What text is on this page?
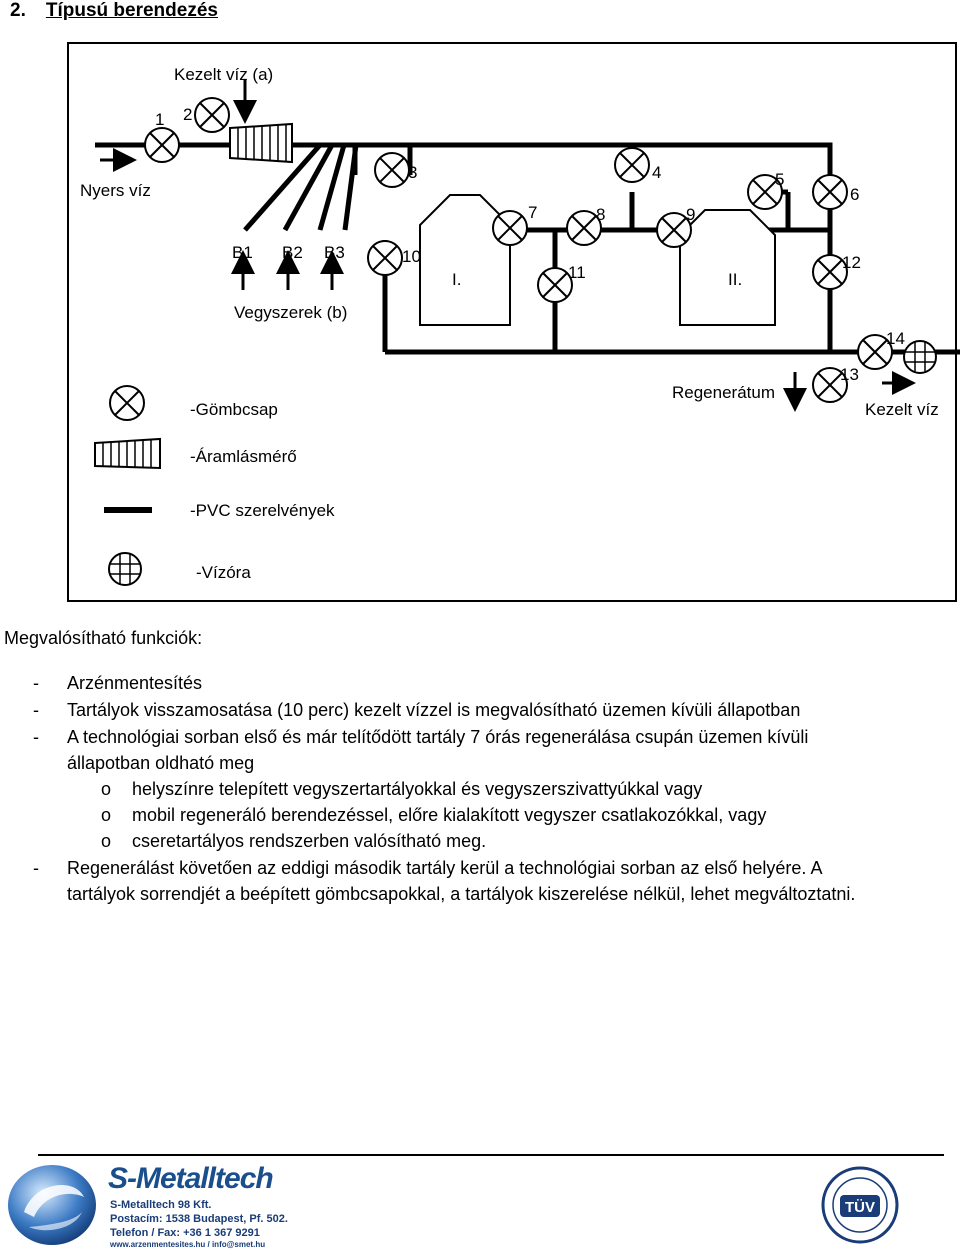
2. Típusú berendezés
Kezelt víz (a)
Nyers víz
Vegyszerek (b)
B1 B2 B3
I.	II.
Regenerátum
Kezelt víz
1 2
3	4	5
6
7	8	9
10
11
12
13
14
-Gömbcsap
-Áramlásmérő
-PVC szerelvények
-Vízóra
Megvalósítható funkciók:
- Arzénmentesítés
- Tartályok visszamosatása (10 perc) kezelt vízzel is megvalósítható üzemen kívüli állapotban
- A technológiai sorban első és már telítődött tartály 7 órás regenerálása csupán üzemen kívüli
állapotban oldható meg
o helyszínre telepített vegyszertartályokkal és vegyszerszivattyúkkal vagy
o mobil regeneráló berendezéssel, előre kialakított vegyszer csatlakozókkal, vagy
o cseretartályos rendszerben valósítható meg.
- Regenerálást követően az eddigi második tartály kerül a technológiai sorban az első helyére. A
tartályok sorrendjét a beépített gömbcsapokkal, a tartályok kiszerelése nélkül, lehet megváltoztatni.
S-Metalltech
S-Metalltech 98 Kft.
Postacím: 1538 Budapest, Pf. 502.
Telefon / Fax: +36 1 367 9291
www.arzenmentesites.hu / info@smet.hu
TÜV
